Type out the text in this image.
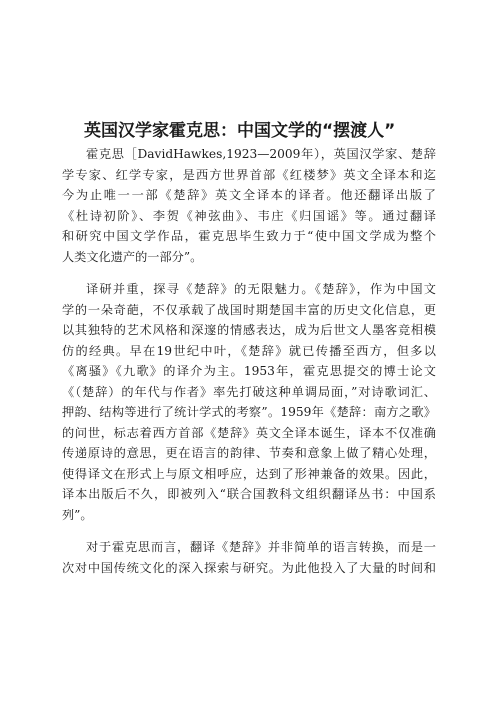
英国汉学家霍克思：中国文学的“摆渡人”

霍克思［DavidHawkes,1923—2009年），英国汉学家、楚辞
学专家、红学专家，是西方世界首部《红楼梦》英文全译本和迄
今为止唯一一部《楚辞》英文全译本的译者。他还翻译出版了
《杜诗初阶》、李贺《神弦曲》、韦庄《归国谣》等。通过翻译
和研究中国文学作品，霍克思毕生致力于“使中国文学成为整个
人类文化遗产的一部分”。

译研并重，探寻《楚辞》的无限魅力。《楚辞》，作为中国文
学的一朵奇葩，不仅承载了战国时期楚国丰富的历史文化信息，更
以其独特的艺术风格和深邃的情感表达，成为后世文人墨客竞相模
仿的经典。早在19世纪中叶，《楚辞》就已传播至西方，但多以
《离骚》《九歌》的译介为主。1953年，霍克思提交的博士论文
《（楚辞）的年代与作者》率先打破这种单调局面，”对诗歌词汇、
押韵、结构等进行了统计学式的考察”。1959年《楚辞：南方之歌》
的问世，标志着西方首部《楚辞》英文全译本诞生，译本不仅准确
传递原诗的意思，更在语言的韵律、节奏和意象上做了精心处理，
使得译文在形式上与原文相呼应，达到了形神兼备的效果。因此，
译本出版后不久，即被列入“联合国教科文组织翻译丛书：中国系
列”。

对于霍克思而言，翻译《楚辞》并非简单的语言转换，而是一
次对中国传统文化的深入探索与研究。为此他投入了大量的时间和
